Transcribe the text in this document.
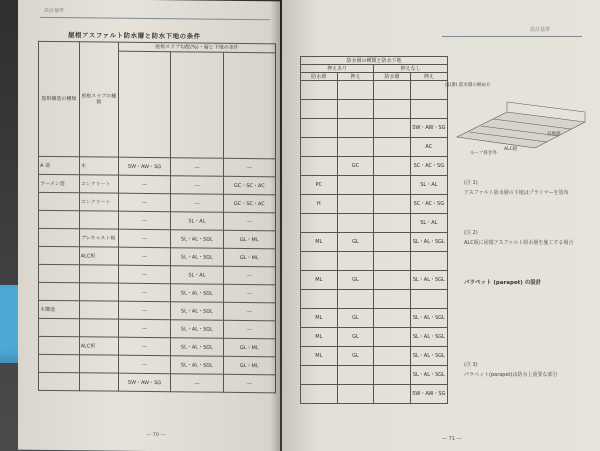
設計基準
屋根アスファルト防水層と防水下地の条件
屋根構造の種類	屋根スラブの種類	屋根スラブ勾配(%)・層と下地の条件		

A 造	木	SW・AW・SG	—	—
ラーメン造	コンクリート	—	—	GC・SC・AC
	コンクリート	—	—	GC・SC・AC
		—	SL・AL	—
	プレキャスト板	—	SL・AL・SGL	GL・ML
	ALC板	—	SL・AL・SGL	GL・ML
		—	SL・AL	—
		—	SL・AL・SGL	—
木構造		—	SL・AL・SGL	—
		—	SL・AL・SGL	—
	ALC板	—	SL・AL・SGL	GL・ML
		—	SL・AL・SGL	GL・ML
		SW・AW・SG	—	—
— 70 —
設計基準
防水層の種類と防水下地			
押えあり		押えなし	
防水層	押え	防水層	押え

			SW・AW・SG
			AC
	GC		SC・AC・SG
PC			SL・AL
H			SC・AC・SG
			SL・AL
ML	GL		SL・AL・SGL

ML	GL		SL・AL・SGL

ML	GL		SL・AL・SGL
ML	GL		SL・AL・SGL
ML	GL		SL・AL・SGL
			SL・AL・SGL
			SW・AW・SG
図(番) 防水層の納め方
ルーフ葺き外
ALC板
目地部
(注 1)
アスファルト防水層の下地はプライマーを塗布
(注 2)
ALC板に屋根アスファルト防水層を施工する場合
パラペット (parapet) の設計
(注 3)
パラペット(parapet)は防水上重要な部分
— 71 —
